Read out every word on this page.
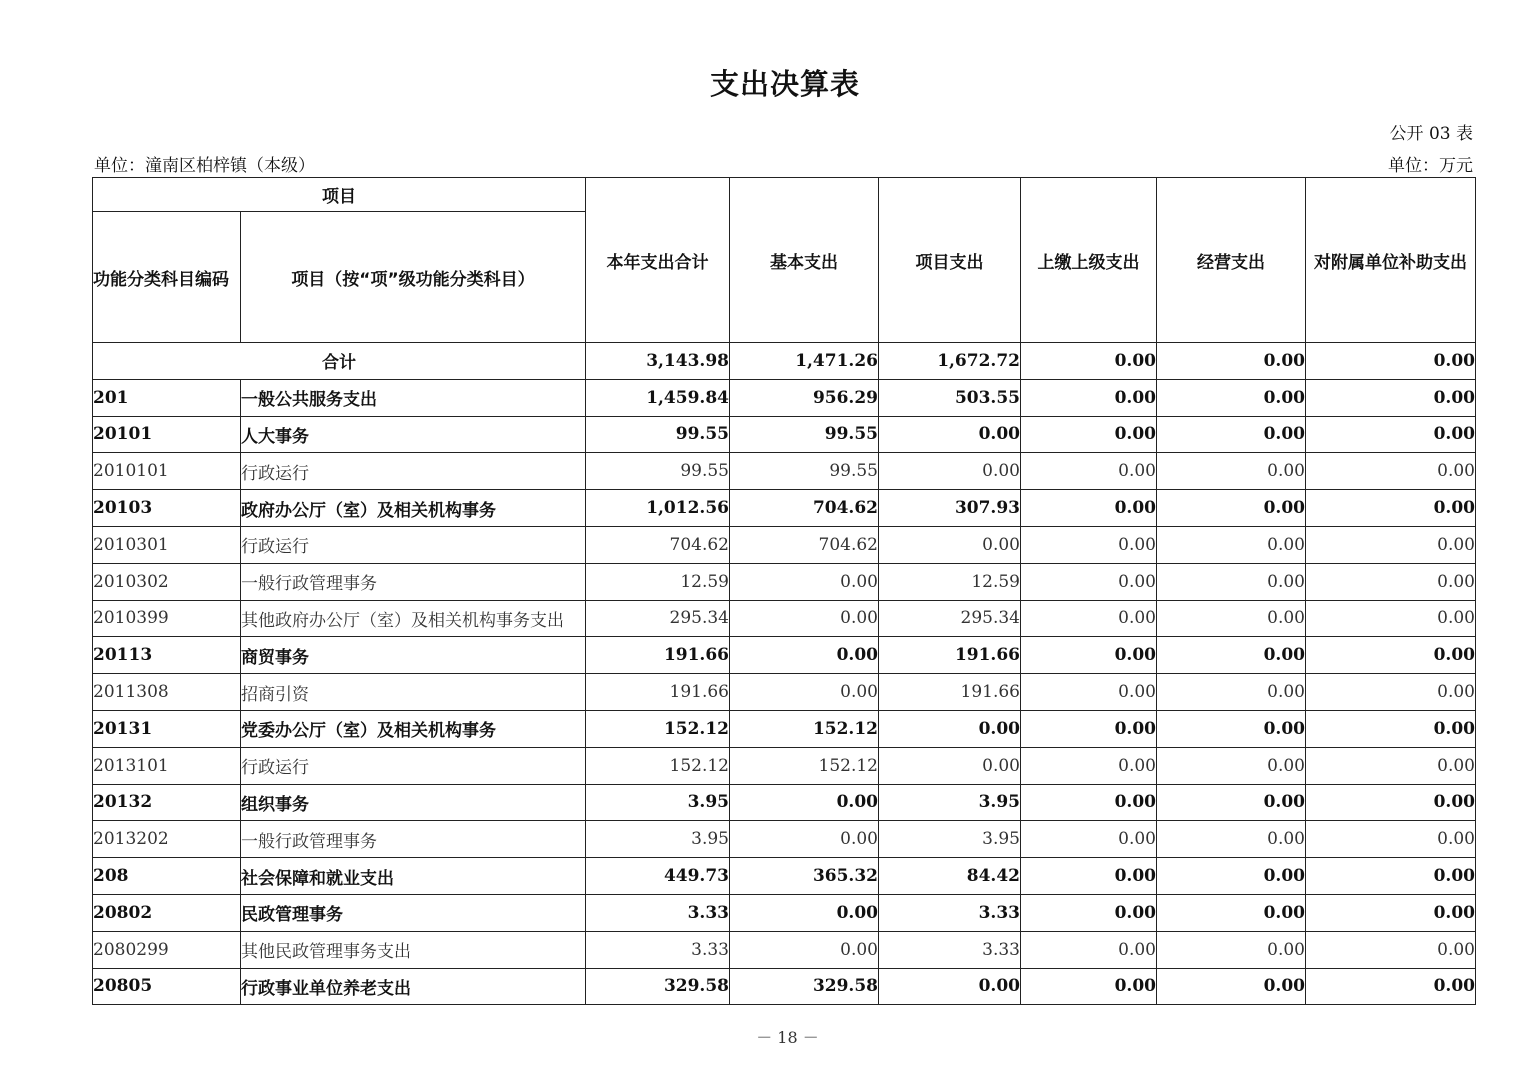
支出决算表
公开 03 表
单位：潼南区柏梓镇（本级）	单位：万元
项目		本年支出合计	基本支出	项目支出	上缴上级支出	经营支出	对附属单位补助支出
功能分类科目编码	项目（按“项”级功能分类科目）						
合计		3,143.98	1,471.26	1,672.72	0.00	0.00	0.00
201	一般公共服务支出	1,459.84	956.29	503.55	0.00	0.00	0.00
20101	人大事务	99.55	99.55	0.00	0.00	0.00	0.00
2010101	行政运行	99.55	99.55	0.00	0.00	0.00	0.00
20103	政府办公厅（室）及相关机构事务	1,012.56	704.62	307.93	0.00	0.00	0.00
2010301	行政运行	704.62	704.62	0.00	0.00	0.00	0.00
2010302	一般行政管理事务	12.59	0.00	12.59	0.00	0.00	0.00
2010399	其他政府办公厅（室）及相关机构事务支出	295.34	0.00	295.34	0.00	0.00	0.00
20113	商贸事务	191.66	0.00	191.66	0.00	0.00	0.00
2011308	招商引资	191.66	0.00	191.66	0.00	0.00	0.00
20131	党委办公厅（室）及相关机构事务	152.12	152.12	0.00	0.00	0.00	0.00
2013101	行政运行	152.12	152.12	0.00	0.00	0.00	0.00
20132	组织事务	3.95	0.00	3.95	0.00	0.00	0.00
2013202	一般行政管理事务	3.95	0.00	3.95	0.00	0.00	0.00
208	社会保障和就业支出	449.73	365.32	84.42	0.00	0.00	0.00
20802	民政管理事务	3.33	0.00	3.33	0.00	0.00	0.00
2080299	其他民政管理事务支出	3.33	0.00	3.33	0.00	0.00	0.00
20805	行政事业单位养老支出	329.58	329.58	0.00	0.00	0.00	0.00
－ 18 －
